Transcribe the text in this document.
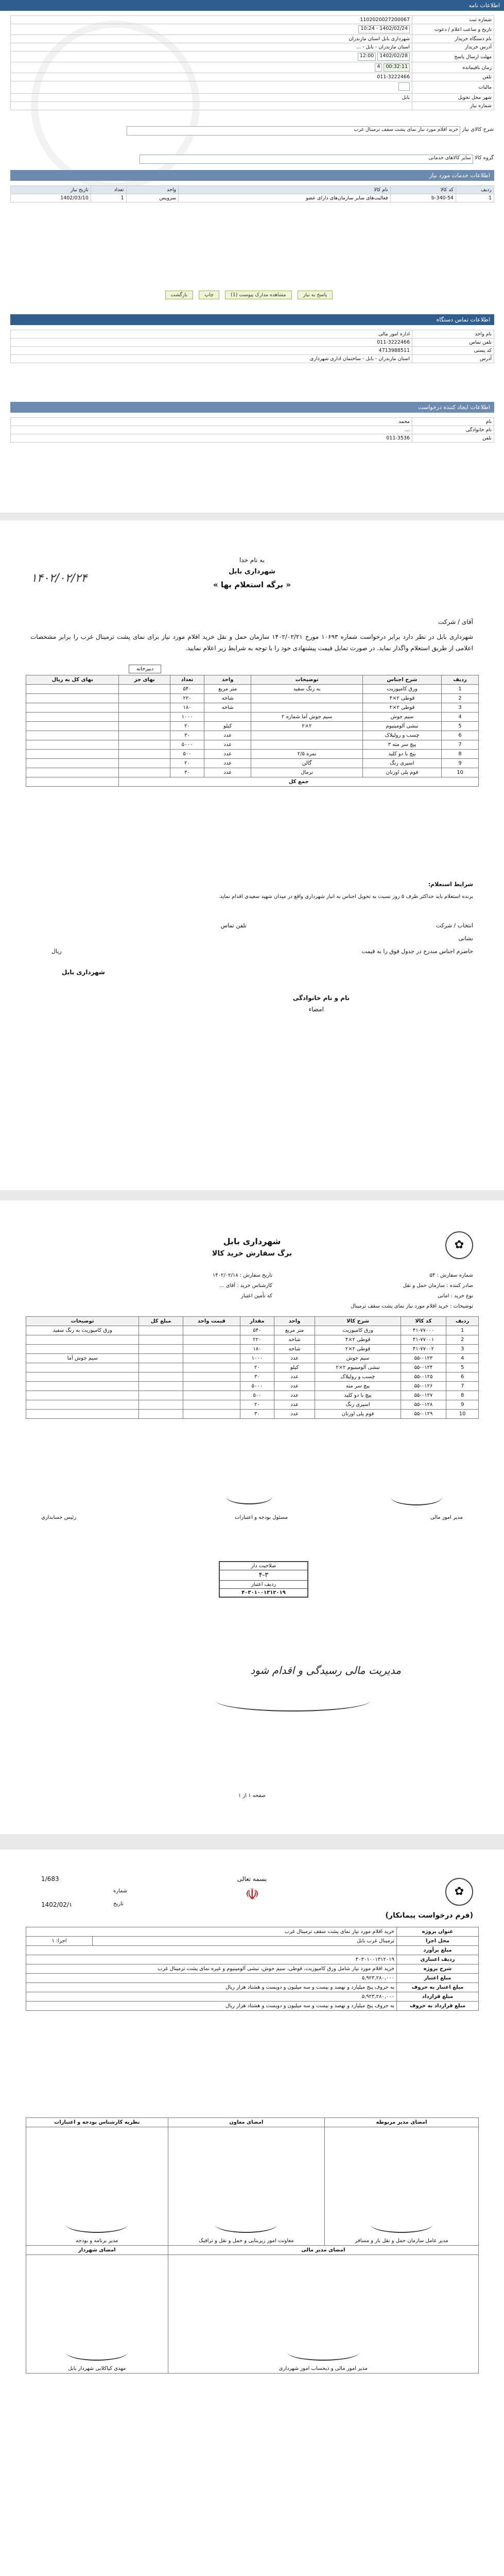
اطلاعات نامه
شماره ثبت	1102020027200067
تاریخ و ساعت اعلام / دعوت	1402/02/24 - 10:24
نام دستگاه خریدار	شهرداری بابل استان مازندران
آدرس خریدار	استان مازندران - بابل - ...
مهلت ارسال پاسخ	1402/02/28 12:00
زمان باقیمانده	00:32:11 4
تلفن	011-3222466
مالیات	
شهر محل تحویل	بابل
شماره نیاز	
شرح کالای نیاز خرید اقلام مورد نیاز نمای پشت سقف ترمینال غرب
گروه کالا سایر کالاهای خدماتی
اطلاعات خدمات مورد نیاز
ردیف	کد کالا	نام کالا	واحد	تعداد	تاریخ نیاز
1	340-54-b	فعالیت‌های سایر سازمان‌های دارای عضو	سرویس	1	1402/03/10
پاسخ به نیاز مشاهده مدارک پیوست (1) چاپ بازگشت
اطلاعات تماس دستگاه
نام واحد	اداره امور مالی
تلفن تماس	011-3222466
کد پستی	4713988511
آدرس	استان مازندران - بابل - ساختمان اداری شهرداری
اطلاعات ایجاد کننده درخواست
نام	محمد
نام خانوادگی	...
تلفن	011-3536
به نام خدا
شهرداری بابل
« برگه استعلام بها »
۱۴۰۲/۰۲/۲۴
آقای / شرکت
شهرداری بابل در نظر دارد برابر درخواست شماره ۱۰۶۹۳ مورخ ۱۴۰۲/۰۲/۲۱ سازمان حمل و نقل خرید اقلام مورد نیاز برای نمای پشت ترمینال غرب را برابر مشخصات اعلامی از طریق استعلام واگذار نماید. در صورت تمایل قیمت پیشنهادی خود را با توجه به شرایط زیر اعلام نمایید.
دبیرخانه
ردیف	شرح اجناس	توضیحات	واحد	تعداد	بهای جز	بهای کل به ریال
1	ورق کامپوزیت	به رنگ سفید	متر مربع	۵۴۰		
2	قوطی ۲×۴		شاخه	۲۲۰		
3	قوطی ۲×۲		شاخه	۱۸۰		
4	سیم جوش	سیم جوش آما شماره ۲		۱۰۰۰		
5	نبشی آلومینیوم	۲×۲	کیلو	۲۰		
6	چسب و رولپلاک		عدد	۳۰		
7	پیچ سر مته ۳		عدد	۵۰۰۰		
8	پیچ با دو کلید	نمره ۲/۵	عدد	۵۰۰		
9	اسپری رنگ	گالن	عدد	۲۰		
10	فوم پلی اورتان	نرمال	عدد	۳۰		
جمع کل						
شرایط استعلام:
برنده استعلام باید حداکثر ظرف ۵ روز نسبت به تحویل اجناس به انبار شهرداری واقع در میدان شهید سعیدی اقدام نماید.
انتخاب / شرکت
تلفن تماس
نشانی
حاضرم اجناس مندرج در جدول فوق را به قیمت
ریال
شهرداری بابل
نام و نام خانوادگی
امضاء
شهرداری بابل
برگ سفارش خرید کالا
✿
شماره سفارش : ۵۴
تاریخ سفارش : ۱۴۰۲/۰۲/۱۸
صادر کننده : سازمان حمل و نقل
کارشناس خرید : آقای ...
نوع خرید : امانی
که تأمین اعتبار
توضیحات : خرید اقلام مورد نیاز نمای پشت سقف ترمینال
ردیف	کد کالا	شرح کالا	واحد	مقدار	قیمت واحد	مبلغ کل	توضیحات
1	۴۱-۷۷۰۰۰	ورق کامپوزیت	متر مربع	۵۴۰			ورق کامپوزیت به رنگ سفید
2	۴۱-۷۷۰۰۱	قوطی ۲×۴	شاخه	۲۲۰			
3	۴۱-۷۷۰۰۲	قوطی ۲×۲	شاخه	۱۸۰			
4	۵۵-۰۱۲۳	سیم جوش	عدد	۱۰۰۰			سیم جوش آما
5	۵۵-۰۱۲۴	نبشی آلومینیوم ۲×۲	کیلو	۲۰			
6	۵۵-۰۱۲۵	چسب و رولپلاک	عدد	۳۰			
7	۵۵-۰۱۲۶	پیچ سر مته	عدد	۵۰۰۰			
8	۵۵-۰۱۲۷	پیچ با دو کلید	عدد	۵۰۰			
9	۵۵-۰۱۲۸	اسپری رنگ	عدد	۲۰			
10	۵۵-۰۱۲۹	فوم پلی اورتان	عدد	۳۰			
مدیر امور مالی
مسئول بودجه و اعتبارات
رئیس حسابداری
صلاحیت دار
۴-۳
ردیف اعتبار
۴۰۳۰۱۰۰۱۳۱۲۰۱۹
مدیریت مالی رسیدگی و اقدام شود
صفحه ۱ از ۱
1/683
1402/02/۱
بسمه تعالی
☫
شماره
تاریخ
✿
(فرم درخواست پیمانکار)
عنوان پروژه	خرید اقلام مورد نیاز نمای پشت سقف ترمینال غرب	
محل اجرا	ترمینال غرب بابل	اجرا: ۱
مبلغ برآورد		
ردیف اعتباری	۴۰۳۰۱۰۰۱۳۱۲۰۱۹	
شرح پروژه	خرید اقلام مورد نیاز شامل ورق کامپوزیت، قوطی، سیم جوش، نبشی آلومینیوم و غیره نمای پشت ترمینال غرب	
مبلغ اعتبار	۵,۹۲۳,۲۸۰,۰۰۰	
مبلغ اعتبار به حروف	به حروف پنج میلیارد و نهصد و بیست و سه میلیون و دویست و هشتاد هزار ریال	
مبلغ قرارداد	۵,۹۲۳,۲۸۰,۰۰۰	
مبلغ قرارداد به حروف	به حروف پنج میلیارد و نهصد و بیست و سه میلیون و دویست و هشتاد هزار ریال	
امضای مدیر مربوطه	امضای معاون	نظریه کارشناس بودجه و اعتبارات

مدیر عامل سازمان حمل و نقل بار و مسافر	معاونت امور زیربنایی و حمل و نقل و ترافیک	مدیر برنامه و بودجه
امضای مدیر مالی		امضای شهردار

مدیر امور مالی و ذیحساب امور شهرداری		مهدی کیاکلایی شهردار بابل
